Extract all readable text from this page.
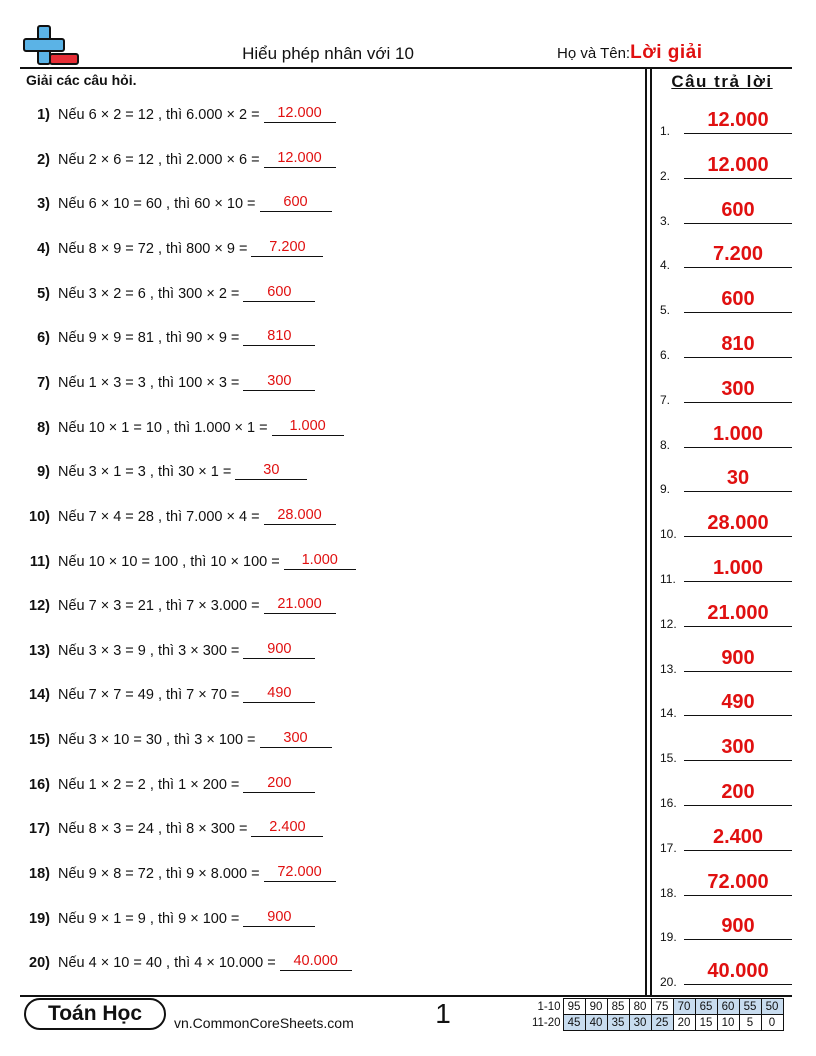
Hiểu phép nhân với 10	Họ và Tên:Lời giải
Giải các câu hỏi.	Câu trả lời
1) Nếu 6 × 2 = 12 , thì 6.000 × 2 =	12.000
2) Nếu 2 × 6 = 12 , thì 2.000 × 6 =	12.000
3) Nếu 6 × 10 = 60 , thì 60 × 10 =	600
4) Nếu 8 × 9 = 72 , thì 800 × 9 =	7.200
5) Nếu 3 × 2 = 6 , thì 300 × 2 =	600
6) Nếu 9 × 9 = 81 , thì 90 × 9 =	810
7) Nếu 1 × 3 = 3 , thì 100 × 3 =	300
8) Nếu 10 × 1 = 10 , thì 1.000 × 1 =	1.000
9) Nếu 3 × 1 = 3 , thì 30 × 1 =	30
10) Nếu 7 × 4 = 28 , thì 7.000 × 4 =	28.000
11) Nếu 10 × 10 = 100 , thì 10 × 100 =	1.000
12) Nếu 7 × 3 = 21 , thì 7 × 3.000 =	21.000
13) Nếu 3 × 3 = 9 , thì 3 × 300 =	900
14) Nếu 7 × 7 = 49 , thì 7 × 70 =	490
15) Nếu 3 × 10 = 30 , thì 3 × 100 =	300
16) Nếu 1 × 2 = 2 , thì 1 × 200 =	200
17) Nếu 8 × 3 = 24 , thì 8 × 300 =	2.400
18) Nếu 9 × 8 = 72 , thì 9 × 8.000 =	72.000
19) Nếu 9 × 1 = 9 , thì 9 × 100 =	900
20) Nếu 4 × 10 = 40 , thì 4 × 10.000 =	40.000
1.	12.000
2.	12.000
3.	600
4.	7.200
5.	600
6.	810
7.	300
8.	1.000
9.	30
10.	28.000
11.	1.000
12.	21.000
13.	900
14.	490
15.	300
16.	200
17.	2.400
18.	72.000
19.	900
20.	40.000
Toán Học	vn.CommonCoreSheets.com	1	1-10	95	90	85	80	75	70	65	60	55	50
11-20	45	40	35	30	25	20	15	10	5	0
